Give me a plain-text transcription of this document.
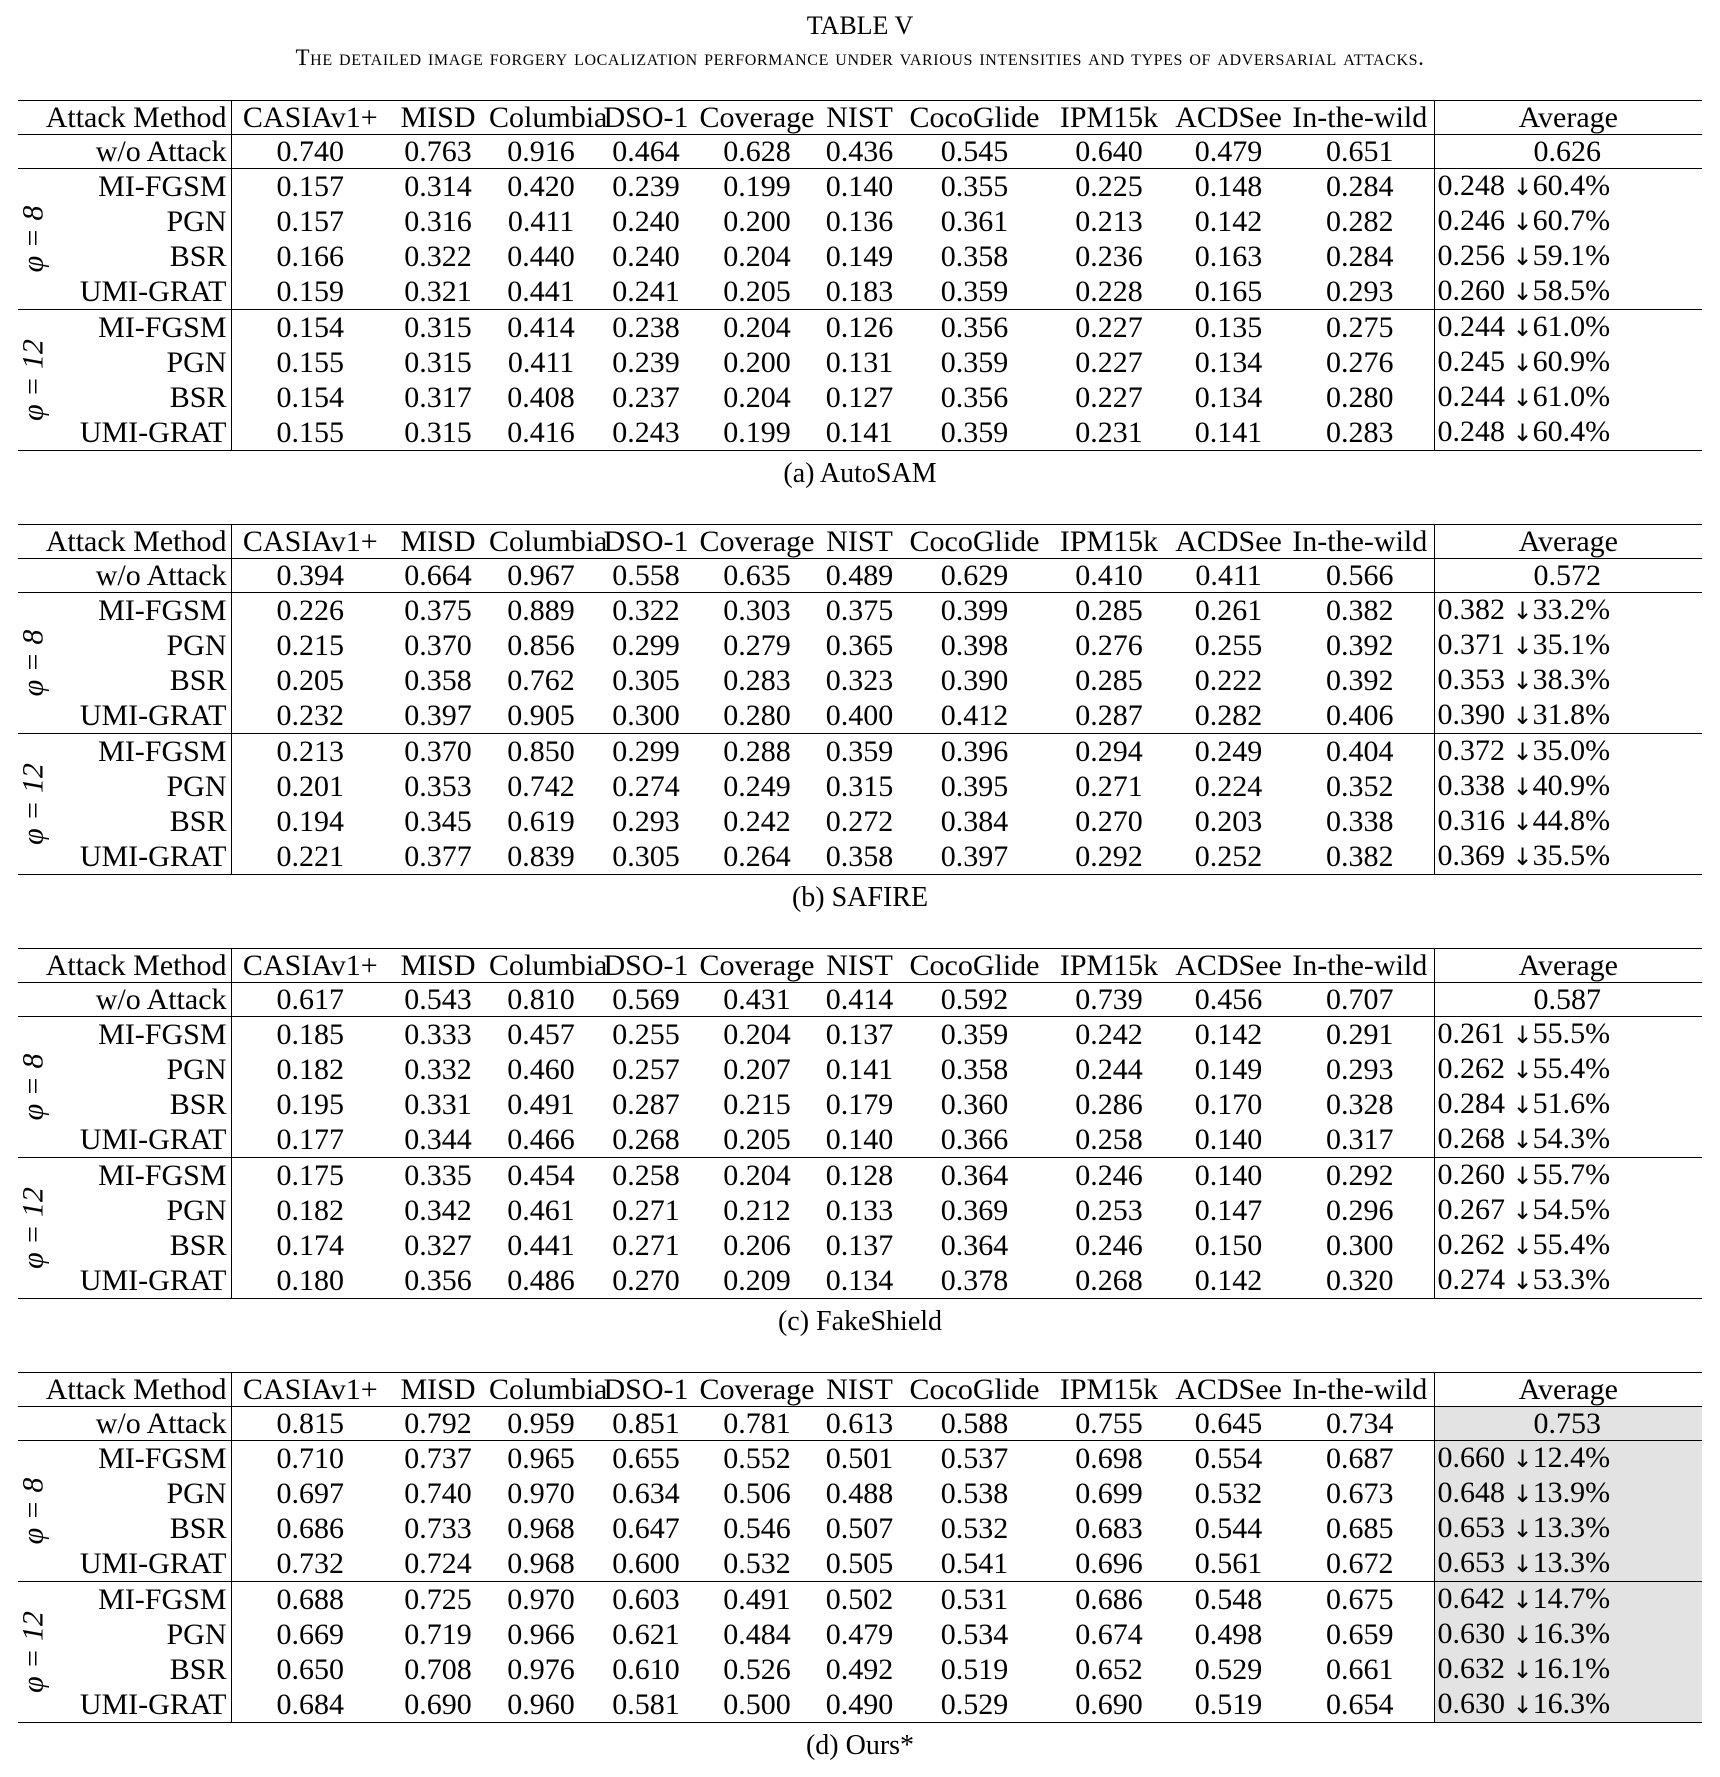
TABLE V
The detailed image forgery localization performance under various intensities and types of adversarial attacks.
Attack Method		CASIAv1+	MISD	Columbia	DSO-1	Coverage	NIST	CocoGlide	IPM15k	ACDSee	In-the-wild	Average
w/o Attack		0.740	0.763	0.916	0.464	0.628	0.436	0.545	0.640	0.479	0.651	0.626

φ = 8	MI-FGSM	0.157	0.314	0.420	0.239	0.199	0.140	0.355	0.225	0.148	0.284	0.248 ↓60.4%
	PGN	0.157	0.316	0.411	0.240	0.200	0.136	0.361	0.213	0.142	0.282	0.246 ↓60.7%
	BSR	0.166	0.322	0.440	0.240	0.204	0.149	0.358	0.236	0.163	0.284	0.256 ↓59.1%
	UMI-GRAT	0.159	0.321	0.441	0.241	0.205	0.183	0.359	0.228	0.165	0.293	0.260 ↓58.5%

φ = 12	MI-FGSM	0.154	0.315	0.414	0.238	0.204	0.126	0.356	0.227	0.135	0.275	0.244 ↓61.0%
	PGN	0.155	0.315	0.411	0.239	0.200	0.131	0.359	0.227	0.134	0.276	0.245 ↓60.9%
	BSR	0.154	0.317	0.408	0.237	0.204	0.127	0.356	0.227	0.134	0.280	0.244 ↓61.0%
	UMI-GRAT	0.155	0.315	0.416	0.243	0.199	0.141	0.359	0.231	0.141	0.283	0.248 ↓60.4%
(a) AutoSAM
Attack Method		CASIAv1+	MISD	Columbia	DSO-1	Coverage	NIST	CocoGlide	IPM15k	ACDSee	In-the-wild	Average
w/o Attack		0.394	0.664	0.967	0.558	0.635	0.489	0.629	0.410	0.411	0.566	0.572

φ = 8	MI-FGSM	0.226	0.375	0.889	0.322	0.303	0.375	0.399	0.285	0.261	0.382	0.382 ↓33.2%
	PGN	0.215	0.370	0.856	0.299	0.279	0.365	0.398	0.276	0.255	0.392	0.371 ↓35.1%
	BSR	0.205	0.358	0.762	0.305	0.283	0.323	0.390	0.285	0.222	0.392	0.353 ↓38.3%
	UMI-GRAT	0.232	0.397	0.905	0.300	0.280	0.400	0.412	0.287	0.282	0.406	0.390 ↓31.8%

φ = 12	MI-FGSM	0.213	0.370	0.850	0.299	0.288	0.359	0.396	0.294	0.249	0.404	0.372 ↓35.0%
	PGN	0.201	0.353	0.742	0.274	0.249	0.315	0.395	0.271	0.224	0.352	0.338 ↓40.9%
	BSR	0.194	0.345	0.619	0.293	0.242	0.272	0.384	0.270	0.203	0.338	0.316 ↓44.8%
	UMI-GRAT	0.221	0.377	0.839	0.305	0.264	0.358	0.397	0.292	0.252	0.382	0.369 ↓35.5%
(b) SAFIRE
Attack Method		CASIAv1+	MISD	Columbia	DSO-1	Coverage	NIST	CocoGlide	IPM15k	ACDSee	In-the-wild	Average
w/o Attack		0.617	0.543	0.810	0.569	0.431	0.414	0.592	0.739	0.456	0.707	0.587

φ = 8	MI-FGSM	0.185	0.333	0.457	0.255	0.204	0.137	0.359	0.242	0.142	0.291	0.261 ↓55.5%
	PGN	0.182	0.332	0.460	0.257	0.207	0.141	0.358	0.244	0.149	0.293	0.262 ↓55.4%
	BSR	0.195	0.331	0.491	0.287	0.215	0.179	0.360	0.286	0.170	0.328	0.284 ↓51.6%
	UMI-GRAT	0.177	0.344	0.466	0.268	0.205	0.140	0.366	0.258	0.140	0.317	0.268 ↓54.3%

φ = 12	MI-FGSM	0.175	0.335	0.454	0.258	0.204	0.128	0.364	0.246	0.140	0.292	0.260 ↓55.7%
	PGN	0.182	0.342	0.461	0.271	0.212	0.133	0.369	0.253	0.147	0.296	0.267 ↓54.5%
	BSR	0.174	0.327	0.441	0.271	0.206	0.137	0.364	0.246	0.150	0.300	0.262 ↓55.4%
	UMI-GRAT	0.180	0.356	0.486	0.270	0.209	0.134	0.378	0.268	0.142	0.320	0.274 ↓53.3%
(c) FakeShield
Attack Method		CASIAv1+	MISD	Columbia	DSO-1	Coverage	NIST	CocoGlide	IPM15k	ACDSee	In-the-wild	Average
w/o Attack		0.815	0.792	0.959	0.851	0.781	0.613	0.588	0.755	0.645	0.734	0.753

φ = 8	MI-FGSM	0.710	0.737	0.965	0.655	0.552	0.501	0.537	0.698	0.554	0.687	0.660 ↓12.4%
	PGN	0.697	0.740	0.970	0.634	0.506	0.488	0.538	0.699	0.532	0.673	0.648 ↓13.9%
	BSR	0.686	0.733	0.968	0.647	0.546	0.507	0.532	0.683	0.544	0.685	0.653 ↓13.3%
	UMI-GRAT	0.732	0.724	0.968	0.600	0.532	0.505	0.541	0.696	0.561	0.672	0.653 ↓13.3%

φ = 12	MI-FGSM	0.688	0.725	0.970	0.603	0.491	0.502	0.531	0.686	0.548	0.675	0.642 ↓14.7%
	PGN	0.669	0.719	0.966	0.621	0.484	0.479	0.534	0.674	0.498	0.659	0.630 ↓16.3%
	BSR	0.650	0.708	0.976	0.610	0.526	0.492	0.519	0.652	0.529	0.661	0.632 ↓16.1%
	UMI-GRAT	0.684	0.690	0.960	0.581	0.500	0.490	0.529	0.690	0.519	0.654	0.630 ↓16.3%
(d) Ours*
